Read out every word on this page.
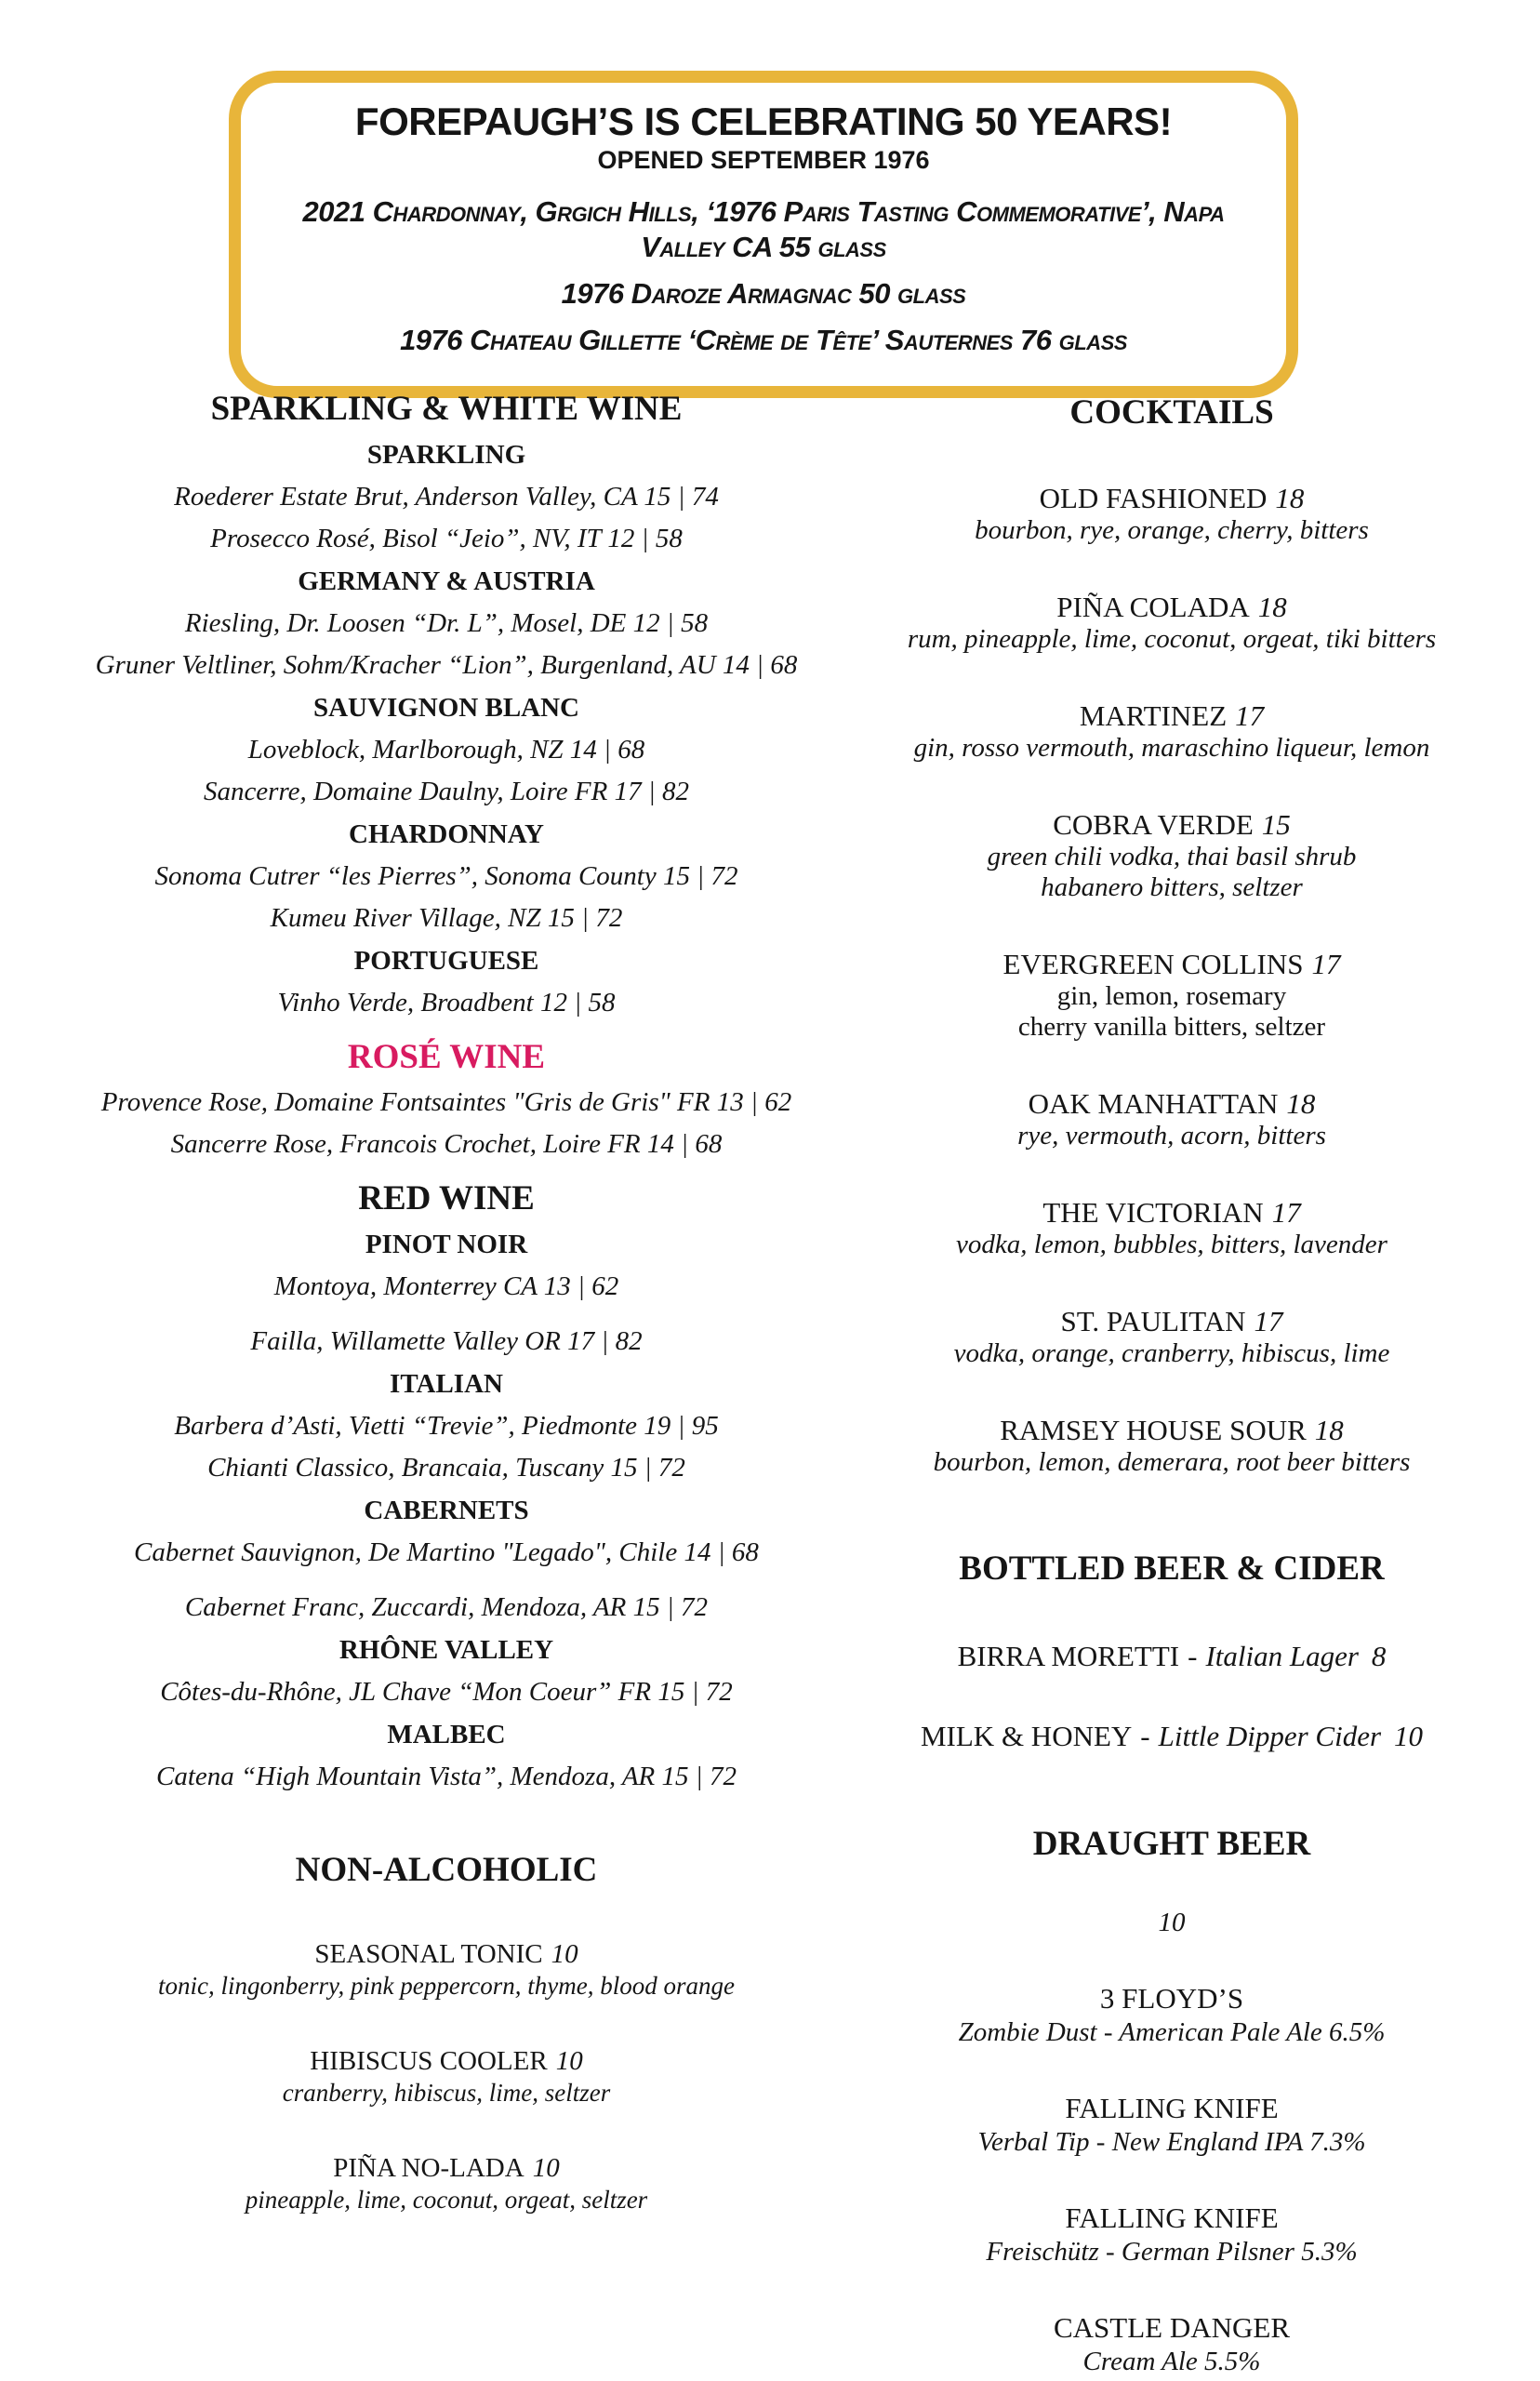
FOREPAUGH’S IS CELEBRATING 50 YEARS!
OPENED SEPTEMBER 1976
2021 Chardonnay, Grgich Hills, ‘1976 Paris Tasting Commemorative’, Napa Valley CA 55 glass
1976 Daroze Armagnac 50 glass
1976 Chateau Gillette ‘Crème de Tête’ Sauternes 76 glass
SPARKLING & WHITE WINE
SPARKLING
Roederer Estate Brut, Anderson Valley, CA 15 | 74
Prosecco Rosé, Bisol “Jeio”, NV, IT 12 | 58
GERMANY & AUSTRIA
Riesling, Dr. Loosen “Dr. L”, Mosel, DE 12 | 58
Gruner Veltliner, Sohm/Kracher “Lion”, Burgenland, AU 14 | 68
SAUVIGNON BLANC
Loveblock, Marlborough, NZ 14 | 68
Sancerre, Domaine Daulny, Loire FR 17 | 82
CHARDONNAY
Sonoma Cutrer “les Pierres”, Sonoma County 15 | 72
Kumeu River Village, NZ 15 | 72
PORTUGUESE
Vinho Verde, Broadbent 12 | 58
ROSÉ WINE
Provence Rose, Domaine Fontsaintes "Gris de Gris" FR 13 | 62
Sancerre Rose, Francois Crochet, Loire FR 14 | 68
RED WINE
PINOT NOIR
Montoya, Monterrey CA 13 | 62
Failla, Willamette Valley OR 17 | 82
ITALIAN
Barbera d’Asti, Vietti “Trevie”, Piedmonte 19 | 95
Chianti Classico, Brancaia, Tuscany 15 | 72
CABERNETS
Cabernet Sauvignon, De Martino "Legado", Chile 14 | 68
Cabernet Franc, Zuccardi, Mendoza, AR 15 | 72
RHÔNE VALLEY
Côtes-du-Rhône, JL Chave “Mon Coeur” FR 15 | 72
MALBEC
Catena “High Mountain Vista”, Mendoza, AR 15 | 72
NON-ALCOHOLIC
SEASONAL TONIC 10
tonic, lingonberry, pink peppercorn, thyme, blood orange
HIBISCUS COOLER 10
cranberry, hibiscus, lime, seltzer
PIÑA NO-LADA 10
pineapple, lime, coconut, orgeat, seltzer
COCKTAILS
OLD FASHIONED 18
bourbon, rye, orange, cherry, bitters
PIÑA COLADA 18
rum, pineapple, lime, coconut, orgeat, tiki bitters
MARTINEZ 17
gin, rosso vermouth, maraschino liqueur, lemon
COBRA VERDE 15
green chili vodka, thai basil shrub
habanero bitters, seltzer
EVERGREEN COLLINS 17
gin, lemon, rosemary
cherry vanilla bitters, seltzer
OAK MANHATTAN 18
rye, vermouth, acorn, bitters
THE VICTORIAN 17
vodka, lemon, bubbles, bitters, lavender
ST. PAULITAN 17
vodka, orange, cranberry, hibiscus, lime
RAMSEY HOUSE SOUR 18
bourbon, lemon, demerara, root beer bitters
BOTTLED BEER & CIDER
BIRRA MORETTI - Italian Lager 8
MILK & HONEY - Little Dipper Cider 10
DRAUGHT BEER
10
3 FLOYD’S
Zombie Dust - American Pale Ale 6.5%
FALLING KNIFE
Verbal Tip - New England IPA 7.3%
FALLING KNIFE
Freischütz - German Pilsner 5.3%
CASTLE DANGER
Cream Ale 5.5%
